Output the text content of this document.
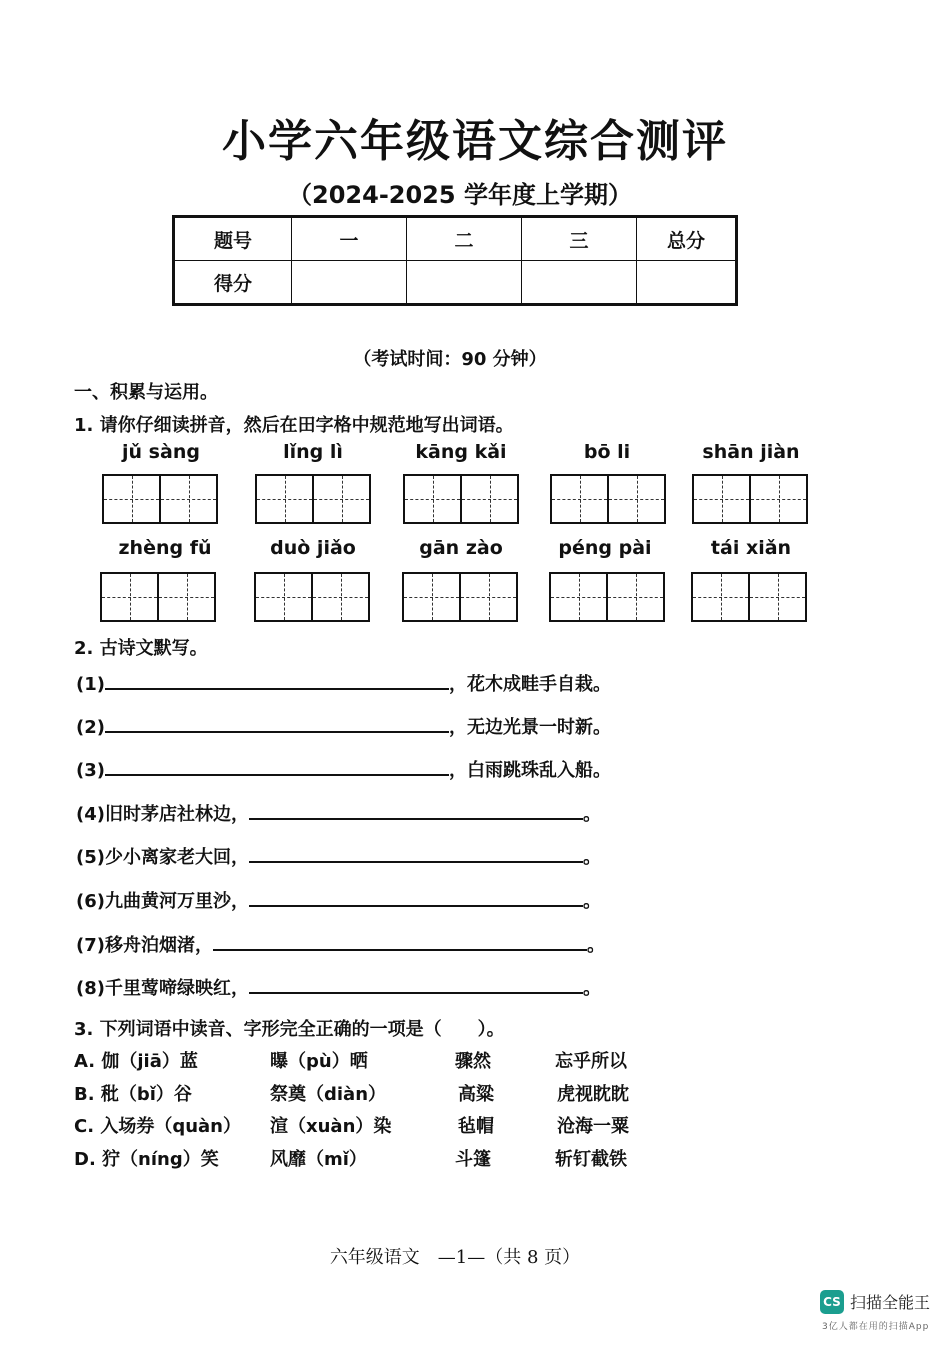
小学六年级语文综合测评
（2024-2025 学年度上学期）
题号	一	二	三	总分
得分				
（考试时间：90 分钟）
一、积累与运用。
1. 请你仔细读拼音，然后在田字格中规范地写出词语。
jǔ sàng	lǐng lì	kāng kǎi	bō li	shān jiàn
zhèng fǔ	duò jiǎo	gān zào	péng pài	tái xiǎn
2. 古诗文默写。
(1)	，花木成畦手自栽。
(2)	，无边光景一时新。
(3)	，白雨跳珠乱入船。
(4)旧时茅店社林边，	。
(5)少小离家老大回，	。
(6)九曲黄河万里沙，	。
(7)移舟泊烟渚，	。
(8)千里莺啼绿映红，	。
3. 下列词语中读音、字形完全正确的一项是（　　）。
A. 伽（jiā）蓝	曝（pù）晒	骤然	忘乎所以
B. 秕（bǐ）谷	祭奠（diàn）	高粱	虎视眈眈
C. 入场券（quàn） 渲（xuàn）染	毡帽	沧海一粟
D. 狞（níng）笑	风靡（mǐ）	斗篷	斩钉截铁
六年级语文　—1—（共 8 页）
CS 扫描全能王
3亿人都在用的扫描App
